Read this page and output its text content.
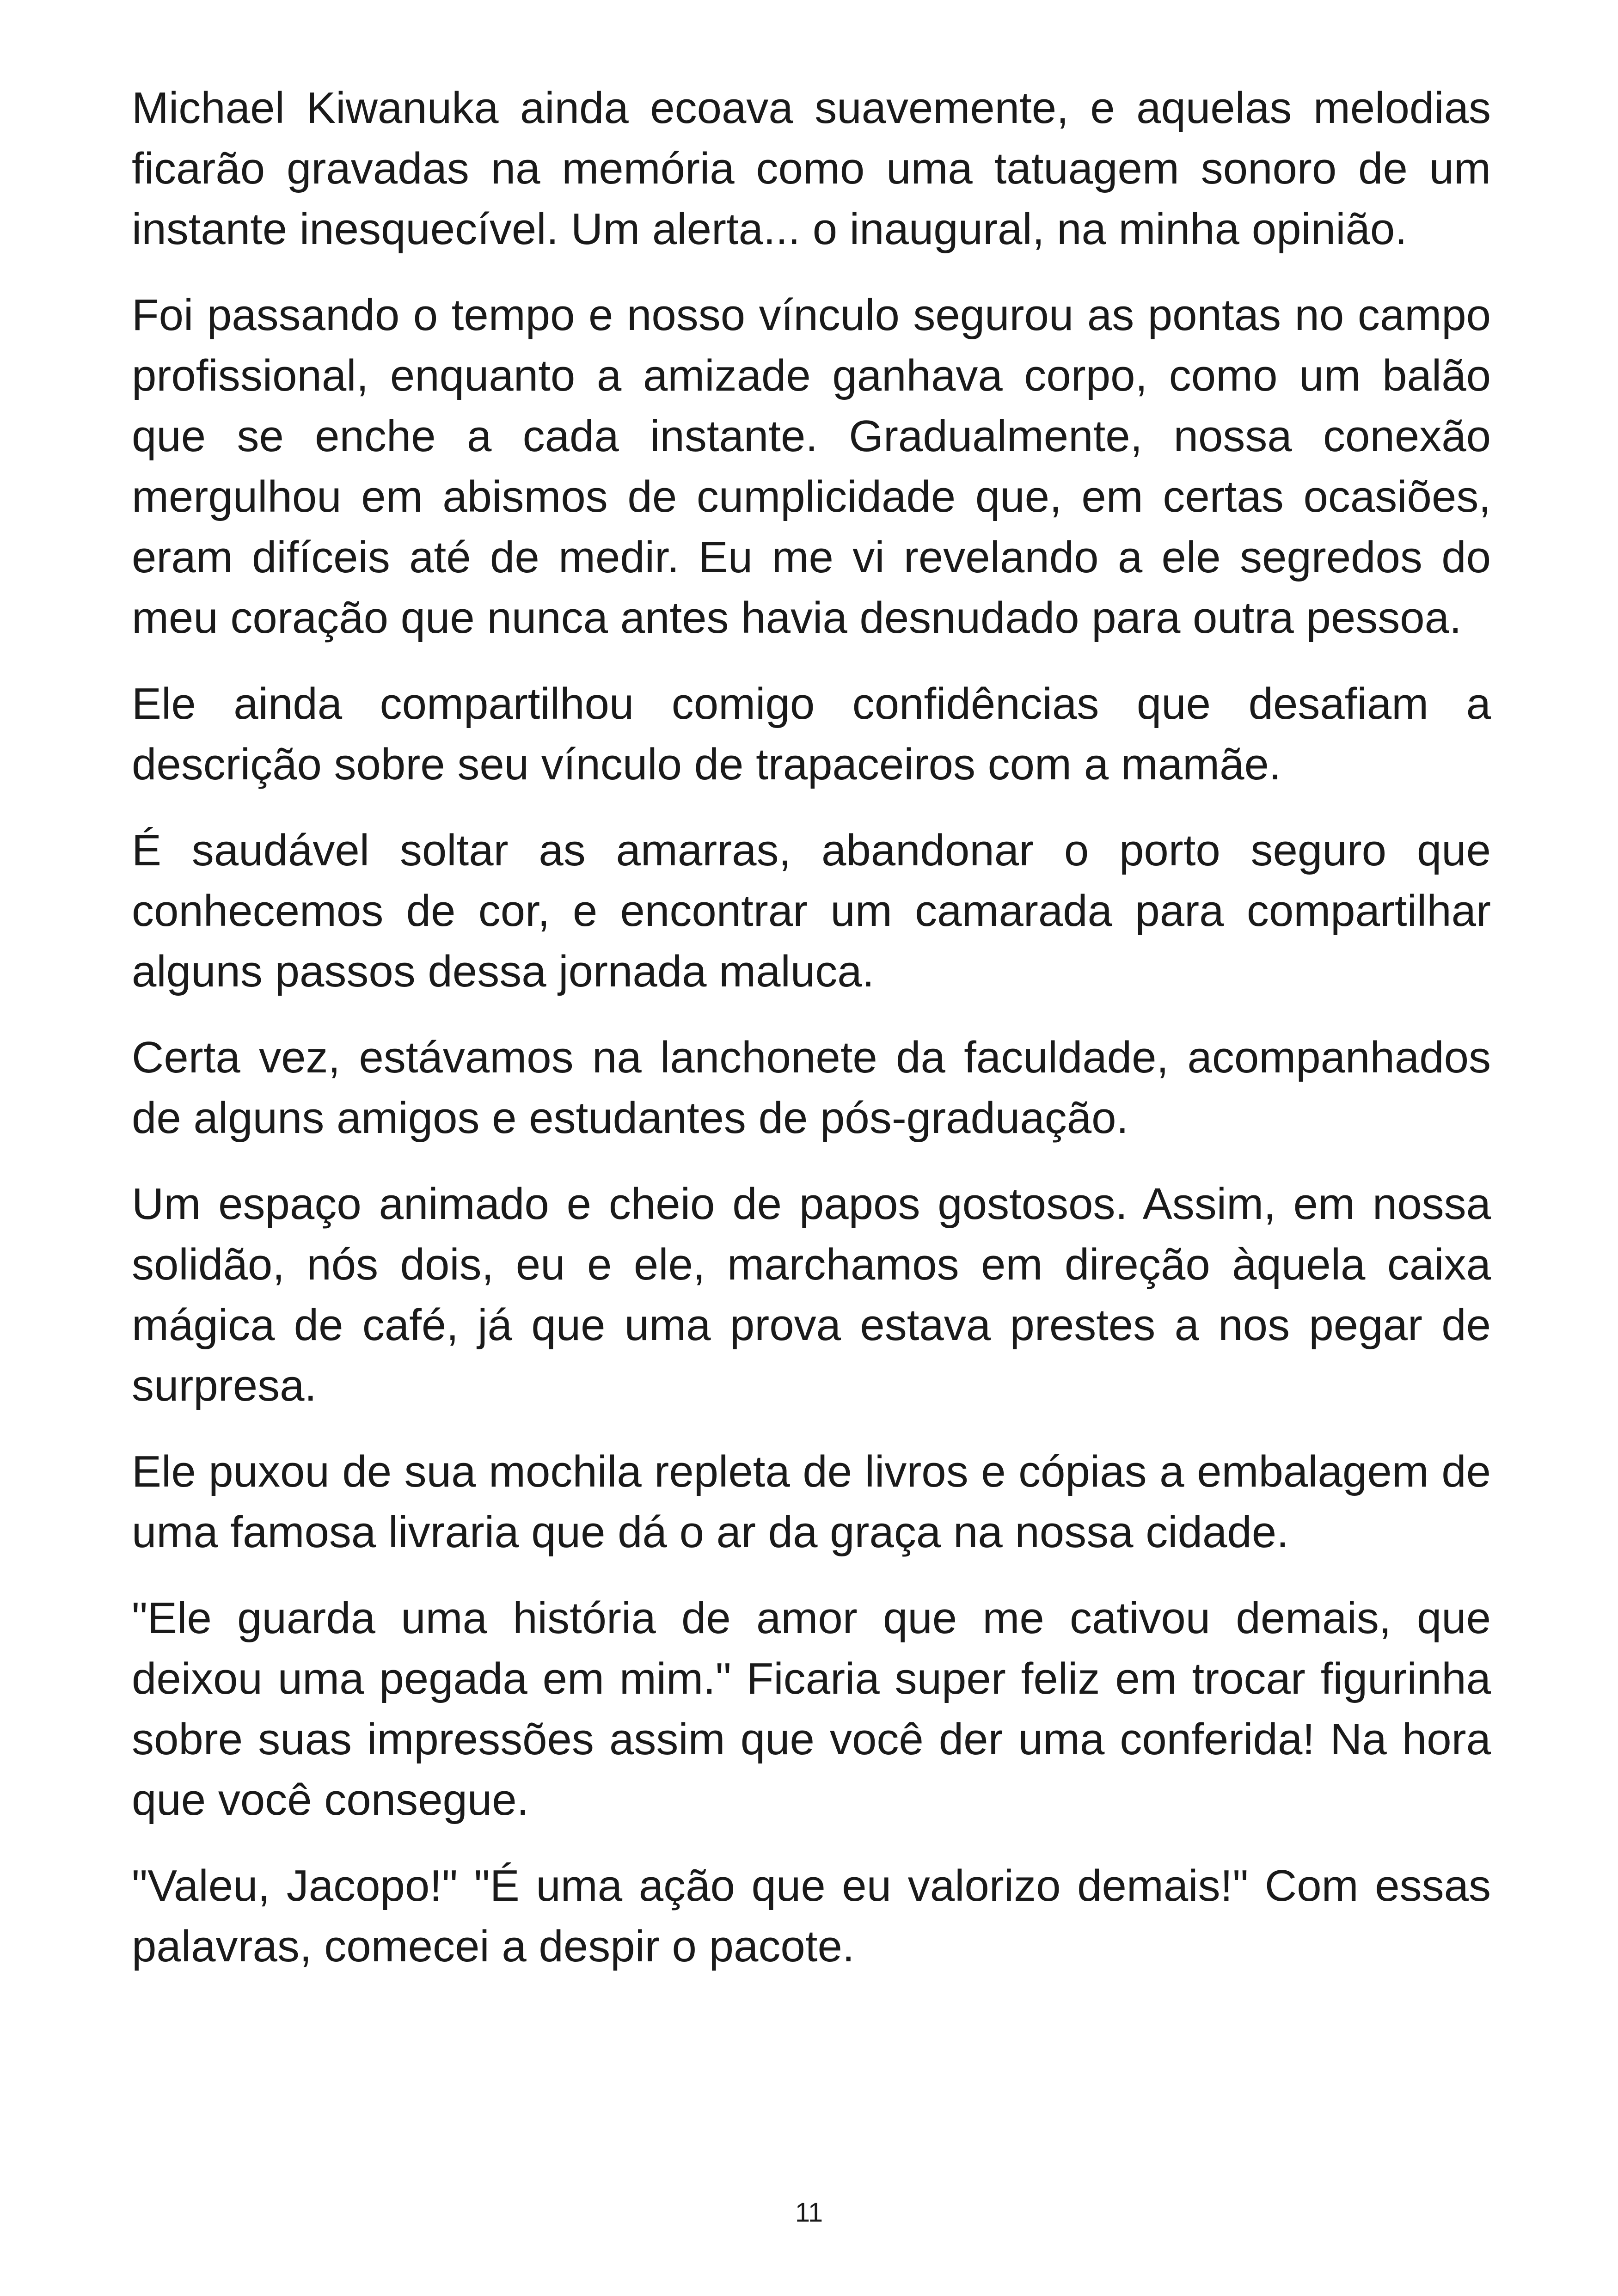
Michael Kiwanuka ainda ecoava suavemente, e aquelas melodias ficarão gravadas na memória como uma tatuagem sonoro de um instante inesquecível. Um alerta... o inaugural, na minha opinião.

Foi passando o tempo e nosso vínculo segurou as pontas no campo profissional, enquanto a amizade ganhava corpo, como um balão que se enche a cada instante. Gradualmente, nossa conexão mergulhou em abismos de cumplicidade que, em certas ocasiões, eram difíceis até de medir. Eu me vi revelando a ele segredos do meu coração que nunca antes havia desnudado para outra pessoa.

Ele ainda compartilhou comigo confidências que desafiam a descrição sobre seu vínculo de trapaceiros com a mamãe.

É saudável soltar as amarras, abandonar o porto seguro que conhecemos de cor, e encontrar um camarada para compartilhar alguns passos dessa jornada maluca.

Certa vez, estávamos na lanchonete da faculdade, acompanhados de alguns amigos e estudantes de pós-graduação.

Um espaço animado e cheio de papos gostosos. Assim, em nossa solidão, nós dois, eu e ele, marchamos em direção àquela caixa mágica de café, já que uma prova estava prestes a nos pegar de surpresa.

Ele puxou de sua mochila repleta de livros e cópias a embalagem de uma famosa livraria que dá o ar da graça na nossa cidade.

"Ele guarda uma história de amor que me cativou demais, que deixou uma pegada em mim." Ficaria super feliz em trocar figurinha sobre suas impressões assim que você der uma conferida! Na hora que você consegue.

"Valeu, Jacopo!" "É uma ação que eu valorizo demais!" Com essas palavras, comecei a despir o pacote.

11
